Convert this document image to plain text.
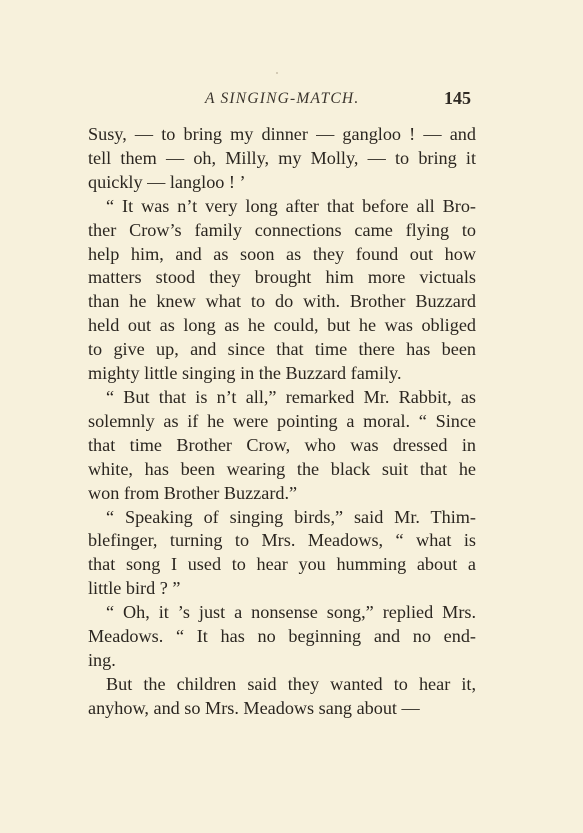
A SINGING-MATCH.	145
Susy, — to bring my dinner — gangloo ! — and
tell them — oh, Milly, my Molly, — to bring it
quickly — langloo ! ’
“ It was n’t very long after that before all Bro-
ther Crow’s family connections came flying to
help him, and as soon as they found out how
matters stood they brought him more victuals
than he knew what to do with. Brother Buzzard
held out as long as he could, but he was obliged
to give up, and since that time there has been
mighty little singing in the Buzzard family.
“ But that is n’t all,” remarked Mr. Rabbit, as
solemnly as if he were pointing a moral. “ Since
that time Brother Crow, who was dressed in
white, has been wearing the black suit that he
won from Brother Buzzard.”
“ Speaking of singing birds,” said Mr. Thim-
blefinger, turning to Mrs. Meadows, “ what is
that song I used to hear you humming about a
little bird ? ”
“ Oh, it ’s just a nonsense song,” replied Mrs.
Meadows. “ It has no beginning and no end-
ing.
But the children said they wanted to hear it,
anyhow, and so Mrs. Meadows sang about —
